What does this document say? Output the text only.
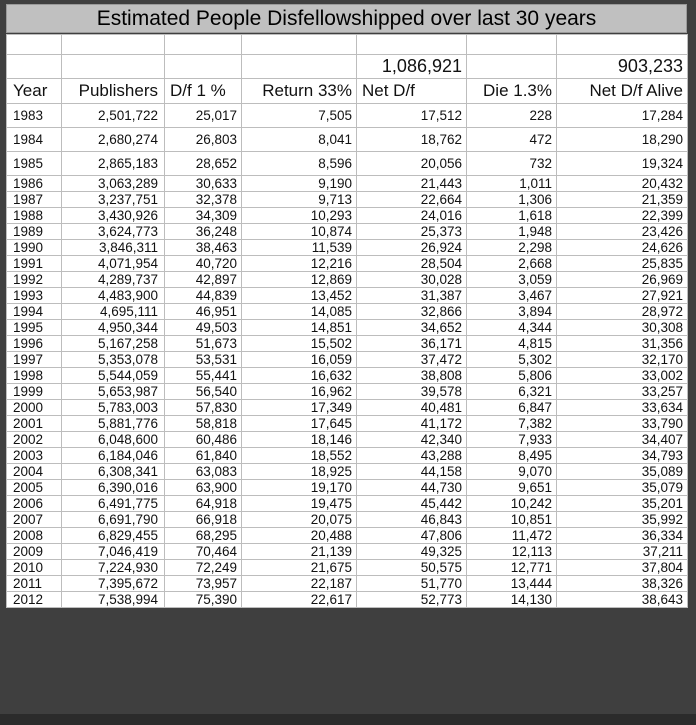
Estimated People Disfellowshipped over last 30 years

				1,086,921		903,233
Year	Publishers	D/f 1 %	Return 33%	Net D/f	Die 1.3%	Net D/f Alive
1983	2,501,722	25,017	7,505	17,512	228	17,284
1984	2,680,274	26,803	8,041	18,762	472	18,290
1985	2,865,183	28,652	8,596	20,056	732	19,324
1986	3,063,289	30,633	9,190	21,443	1,011	20,432
1987	3,237,751	32,378	9,713	22,664	1,306	21,359
1988	3,430,926	34,309	10,293	24,016	1,618	22,399
1989	3,624,773	36,248	10,874	25,373	1,948	23,426
1990	3,846,311	38,463	11,539	26,924	2,298	24,626
1991	4,071,954	40,720	12,216	28,504	2,668	25,835
1992	4,289,737	42,897	12,869	30,028	3,059	26,969
1993	4,483,900	44,839	13,452	31,387	3,467	27,921
1994	4,695,111	46,951	14,085	32,866	3,894	28,972
1995	4,950,344	49,503	14,851	34,652	4,344	30,308
1996	5,167,258	51,673	15,502	36,171	4,815	31,356
1997	5,353,078	53,531	16,059	37,472	5,302	32,170
1998	5,544,059	55,441	16,632	38,808	5,806	33,002
1999	5,653,987	56,540	16,962	39,578	6,321	33,257
2000	5,783,003	57,830	17,349	40,481	6,847	33,634
2001	5,881,776	58,818	17,645	41,172	7,382	33,790
2002	6,048,600	60,486	18,146	42,340	7,933	34,407
2003	6,184,046	61,840	18,552	43,288	8,495	34,793
2004	6,308,341	63,083	18,925	44,158	9,070	35,089
2005	6,390,016	63,900	19,170	44,730	9,651	35,079
2006	6,491,775	64,918	19,475	45,442	10,242	35,201
2007	6,691,790	66,918	20,075	46,843	10,851	35,992
2008	6,829,455	68,295	20,488	47,806	11,472	36,334
2009	7,046,419	70,464	21,139	49,325	12,113	37,211
2010	7,224,930	72,249	21,675	50,575	12,771	37,804
2011	7,395,672	73,957	22,187	51,770	13,444	38,326
2012	7,538,994	75,390	22,617	52,773	14,130	38,643
